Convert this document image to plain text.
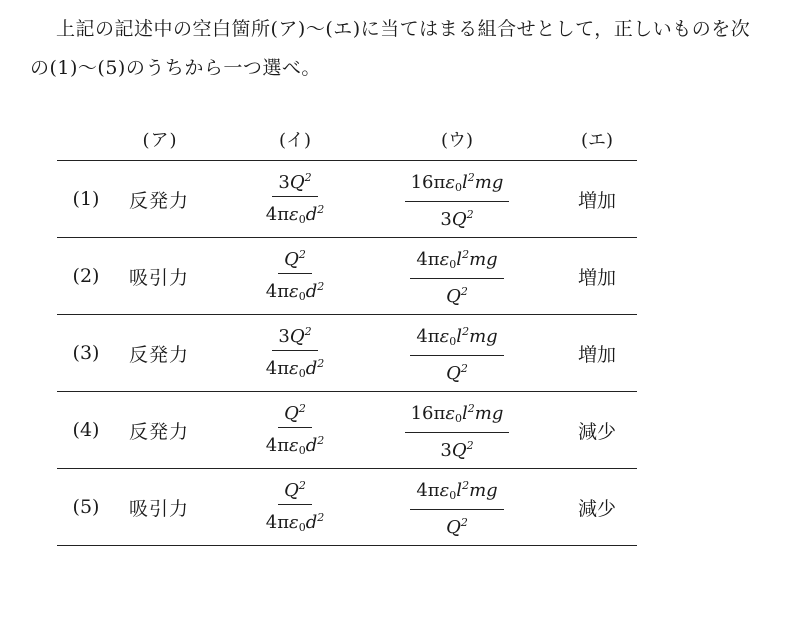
上記の記述中の空白箇所(ア)～(エ)に当てはまる組合せとして，正しいものを次
の(1)～(5)のうちから一つ選べ。
(ア)	(イ)	(ウ)	(エ)
(1)	反発力	$\frac{3Q^2}{4\pi\varepsilon_0d^2}$	$\frac{16\pi\varepsilon_0l^2mg}{3Q^2}$	増加
(2)	吸引力	$\frac{Q^2}{4\pi\varepsilon_0d^2}$	$\frac{4\pi\varepsilon_0l^2mg}{Q^2}$	増加
(3)	反発力	$\frac{3Q^2}{4\pi\varepsilon_0d^2}$	$\frac{4\pi\varepsilon_0l^2mg}{Q^2}$	増加
(4)	反発力	$\frac{Q^2}{4\pi\varepsilon_0d^2}$	$\frac{16\pi\varepsilon_0l^2mg}{3Q^2}$	減少
(5)	吸引力	$\frac{Q^2}{4\pi\varepsilon_0d^2}$	$\frac{4\pi\varepsilon_0l^2mg}{Q^2}$	減少
